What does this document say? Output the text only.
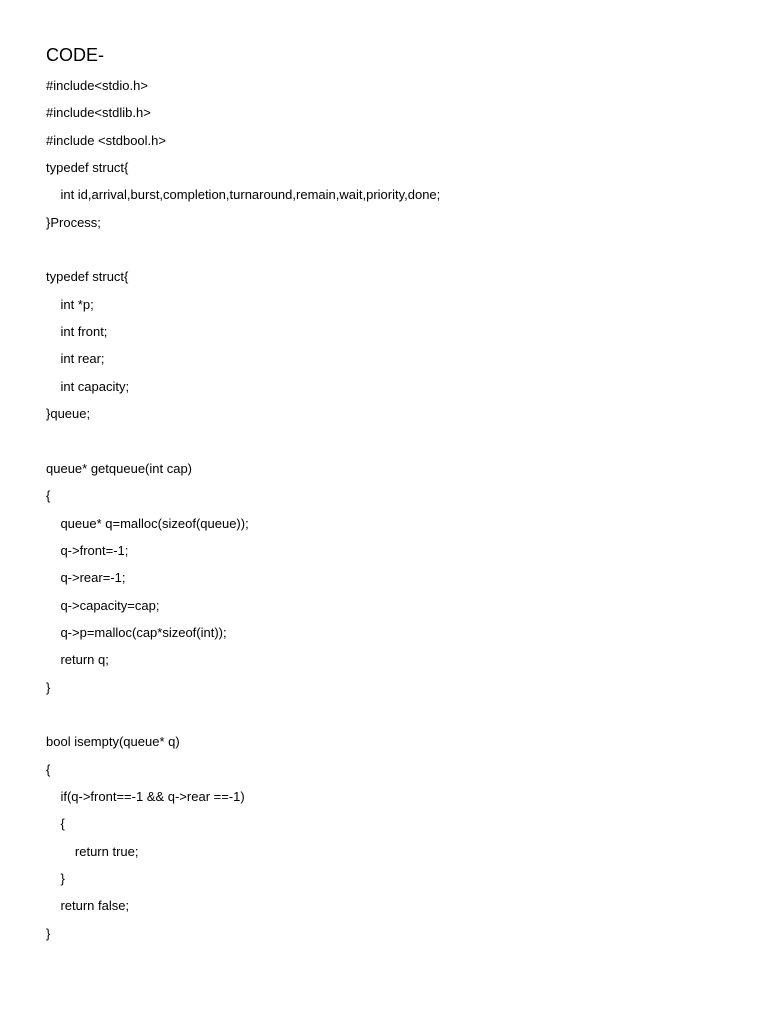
CODE-
#include<stdio.h>
#include<stdlib.h>
#include <stdbool.h>
typedef struct{
int id,arrival,burst,completion,turnaround,remain,wait,priority,done;
}Process;
typedef struct{
int *p;
int front;
int rear;
int capacity;
}queue;
queue* getqueue(int cap)
{
queue* q=malloc(sizeof(queue));
q->front=-1;
q->rear=-1;
q->capacity=cap;
q->p=malloc(cap*sizeof(int));
return q;
}
bool isempty(queue* q)
{
if(q->front==-1 && q->rear ==-1)
{
return true;
}
return false;
}
